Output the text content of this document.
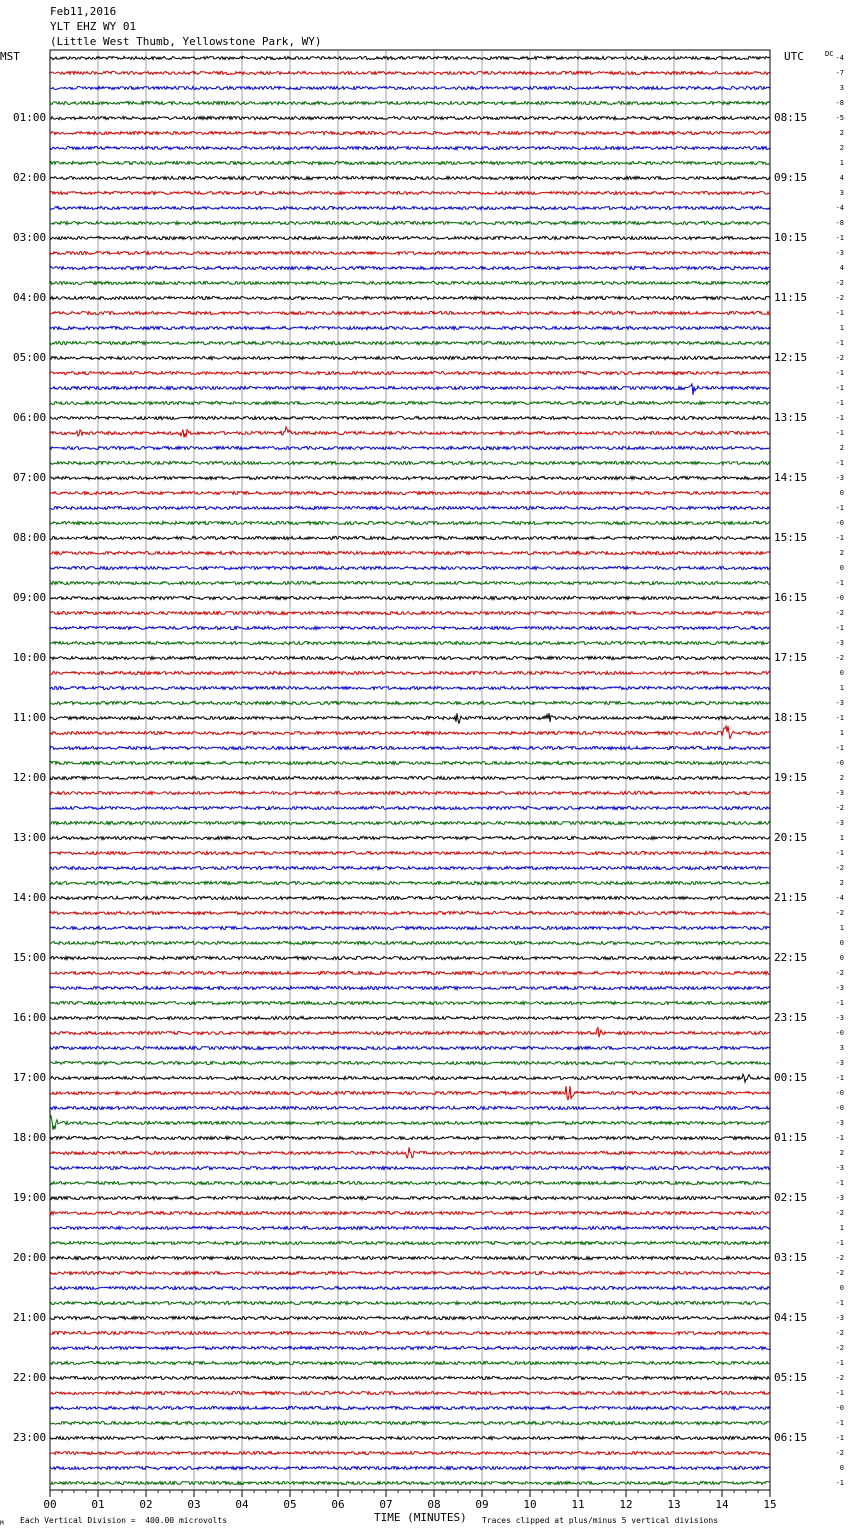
00	01	02	03	04	05	06	07	08	09	10	11	12	13	14	15
Feb11,2016
YLT EHZ WY 01
(Little West Thumb, Yellowstone Park, WY)
MST	UTC	DC
01:00
02:00
03:00
04:00
05:00
06:00
07:00
08:00
09:00
10:00
11:00
12:00
13:00
14:00
15:00
16:00
17:00
18:00
19:00
20:00
21:00
22:00
23:00
08:15
09:15
10:15
11:15
12:15
13:15
14:15
15:15
16:15
17:15
18:15
19:15
20:15
21:15
22:15
23:15
00:15
01:15
02:15
03:15
04:15
05:15
06:15
-4
-7
3
-8
-5
2
2
1
4
3
-4
-8
-1
-3
4
-2
-2
-1
1
-1
-2
-1
-1
-1
-1
-1
2
-1
-3
0
-1
-0
-1
2
0
-1
-0
-2
-1
-3
-2
0
1
-3
-1
1
-1
-0
2
-3
-2
-3
1
-1
-2
2
-4
-2
1
0
0
-2
-3
-1
-3
-0
3
-3
-1
-0
-0
-3
-1
2
-3
-1
-3
-2
1
-1
-2
-2
0
-1
-3
-2
-2
-1
-2
-1
-0
-1
-1
-2
0
-1
M Each Vertical Division =  400.00 microvolts	TIME (MINUTES) Traces clipped at plus/minus 5 vertical divisions
